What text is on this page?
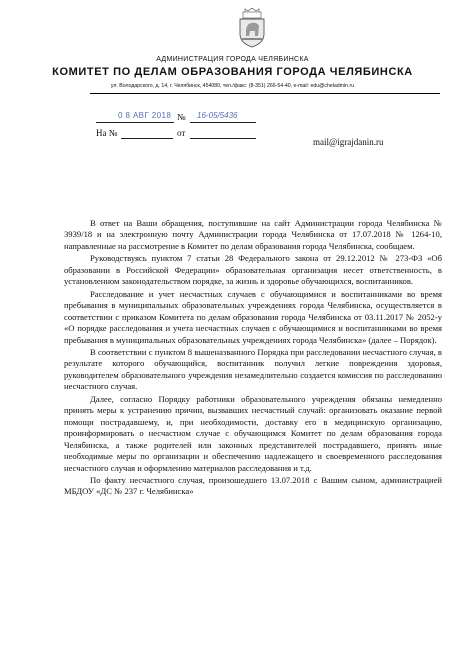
АДМИНИСТРАЦИЯ ГОРОДА ЧЕЛЯБИНСКА
КОМИТЕТ ПО ДЕЛАМ ОБРАЗОВАНИЯ ГОРОДА ЧЕЛЯБИНСКА
ул. Володарского, д. 14, г. Челябинск, 454080, тел./факс: (8-351) 266-54-40, e-mail: edu@cheladmin.ru
0 8 АВГ 2018 № 16-05/5436
На №	от
mail@igrajdanin.ru

В ответ на Ваши обращения, поступившие на сайт Администрации города Челябинска № 3939/18 и на электронную почту Администрации города Челябинска от 17.07.2018 № 1264-10, направленные на рассмотрение в Комитет по делам образования города Челябинска, сообщаем.

Руководствуясь пунктом 7 статьи 28 Федерального закона от 29.12.2012 № 273-ФЗ «Об образовании в Российской Федерации» образовательная организация несет ответственность, в установленном законодательством порядке, за жизнь и здоровье обучающихся, воспитанников.

Расследование и учет несчастных случаев с обучающимися и воспитанниками во время пребывания в муниципальных образовательных учреждениях города Челябинска, осуществляется в соответствии с приказом Комитета по делам образования города Челябинска от 03.11.2017 № 2052-у «О порядке расследования и учета несчастных случаев с обучающимися и воспитанниками во время пребывания в муниципальных образовательных учреждениях города Челябинска» (далее – Порядок).

В соответствии с пунктом 8 вышеназванного Порядка при расследовании несчастного случая, в результате которого обучающийся, воспитанник получил легкие повреждения здоровья, руководителем образовательного учреждения незамедлительно создается комиссия по расследованию несчастного случая.

Далее, согласно Порядку работники образовательного учреждения обязаны немедленно принять меры к устранению причин, вызвавших несчастный случай: организовать оказание первой помощи пострадавшему, и, при необходимости, доставку его в медицинскую организацию, проинформировать о несчастном случае с обучающимся Комитет по делам образования города Челябинска, а также родителей или законных представителей пострадавшего, принять иные необходимые меры по организации и обеспечению надлежащего и своевременного расследования несчастного случая и оформлению материалов расследования и т.д.

По факту несчастного случая, произошедшего 13.07.2018 с Вашим сыном, администрацией МБДОУ «ДС № 237 г. Челябинска»
